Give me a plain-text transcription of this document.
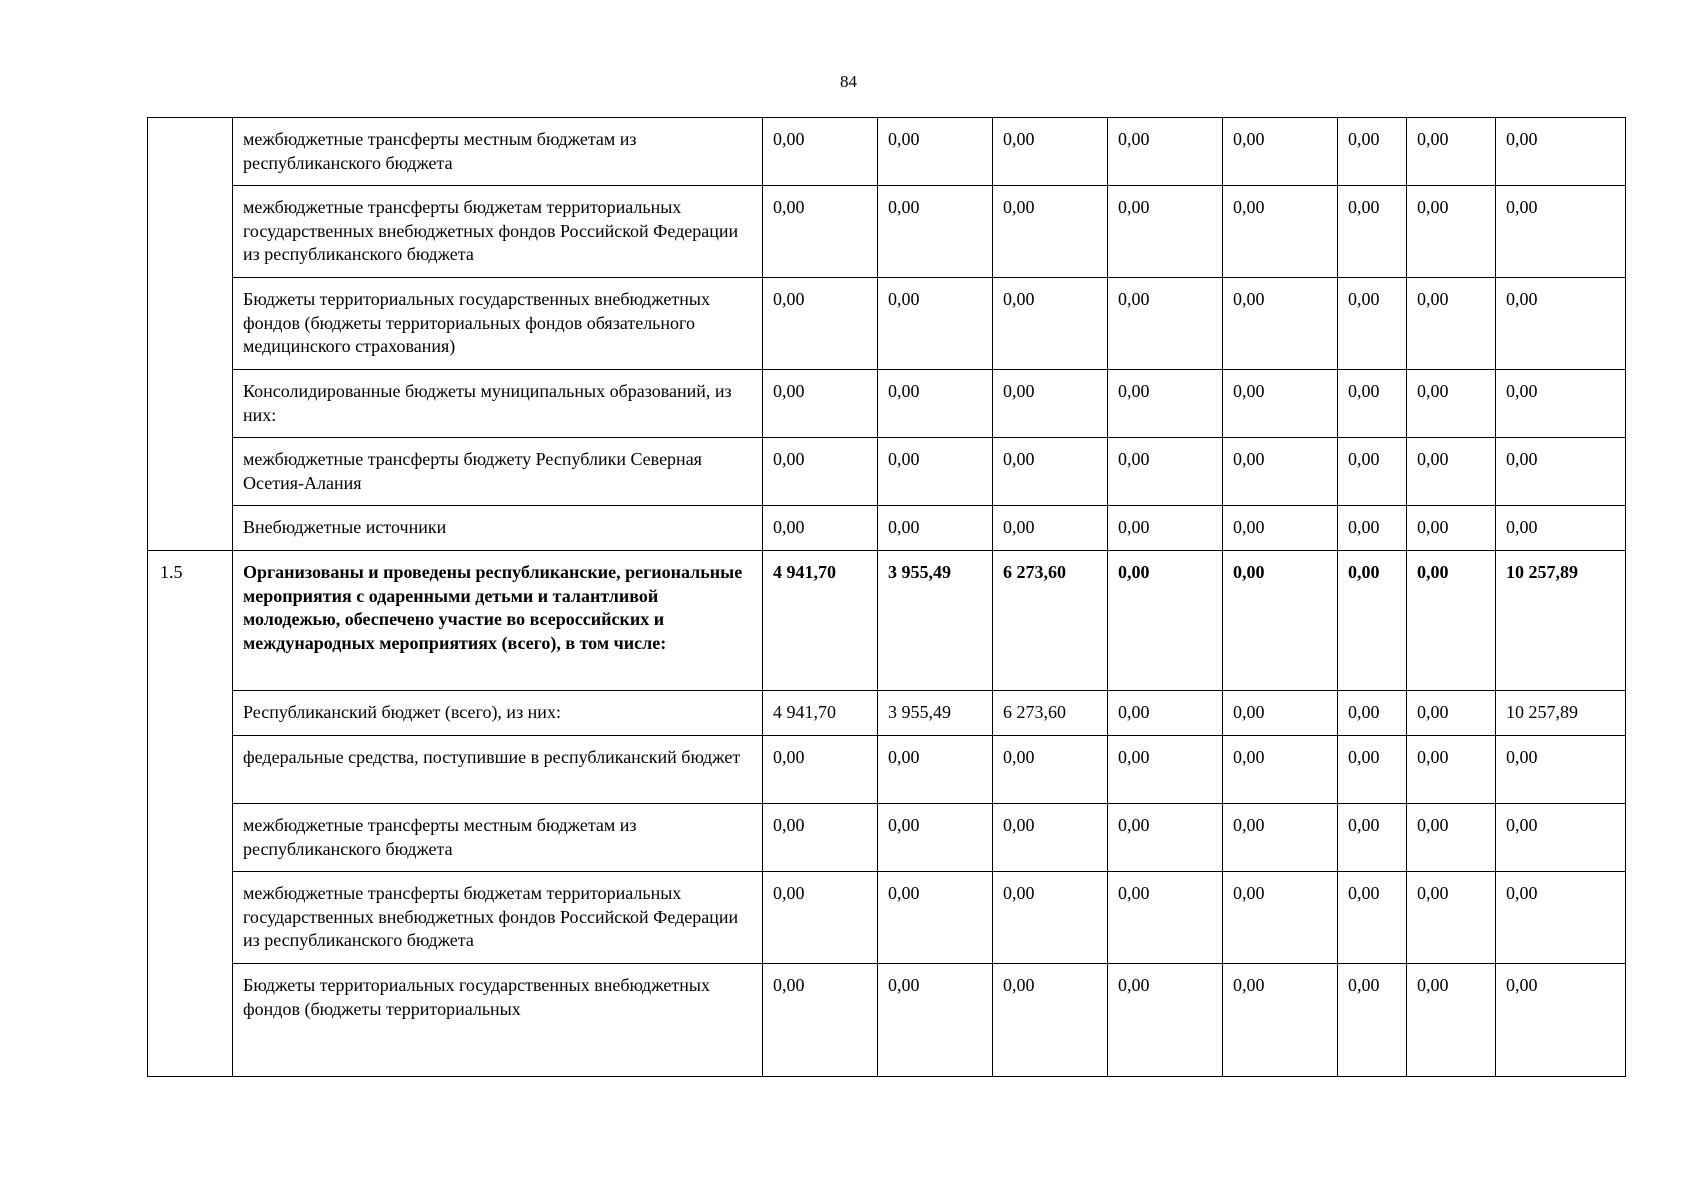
84
	межбюджетные трансферты местным бюджетам из республиканского бюджета	0,00	0,00	0,00	0,00	0,00	0,00	0,00	0,00
	межбюджетные трансферты бюджетам территориальных государственных внебюджетных фондов Российской Федерации из республиканского бюджета	0,00	0,00	0,00	0,00	0,00	0,00	0,00	0,00
	Бюджеты территориальных государственных внебюджетных фондов (бюджеты территориальных фондов обязательного медицинского страхования)	0,00	0,00	0,00	0,00	0,00	0,00	0,00	0,00
	Консолидированные бюджеты муниципальных образований, из них:	0,00	0,00	0,00	0,00	0,00	0,00	0,00	0,00
	межбюджетные трансферты бюджету Республики Северная Осетия-Алания	0,00	0,00	0,00	0,00	0,00	0,00	0,00	0,00
	Внебюджетные источники	0,00	0,00	0,00	0,00	0,00	0,00	0,00	0,00
1.5	Организованы и проведены республиканские, региональные мероприятия с одаренными детьми и талантливой молодежью, обеспечено участие во всероссийских и международных мероприятиях (всего), в том числе:	4 941,70	3 955,49	6 273,60	0,00	0,00	0,00	0,00	10 257,89
	Республиканский бюджет (всего), из них:	4 941,70	3 955,49	6 273,60	0,00	0,00	0,00	0,00	10 257,89
	федеральные средства, поступившие в республиканский бюджет	0,00	0,00	0,00	0,00	0,00	0,00	0,00	0,00
	межбюджетные трансферты местным бюджетам из республиканского бюджета	0,00	0,00	0,00	0,00	0,00	0,00	0,00	0,00
	межбюджетные трансферты бюджетам территориальных государственных внебюджетных фондов Российской Федерации из республиканского бюджета	0,00	0,00	0,00	0,00	0,00	0,00	0,00	0,00
	Бюджеты территориальных государственных внебюджетных фондов (бюджеты территориальных	0,00	0,00	0,00	0,00	0,00	0,00	0,00	0,00
